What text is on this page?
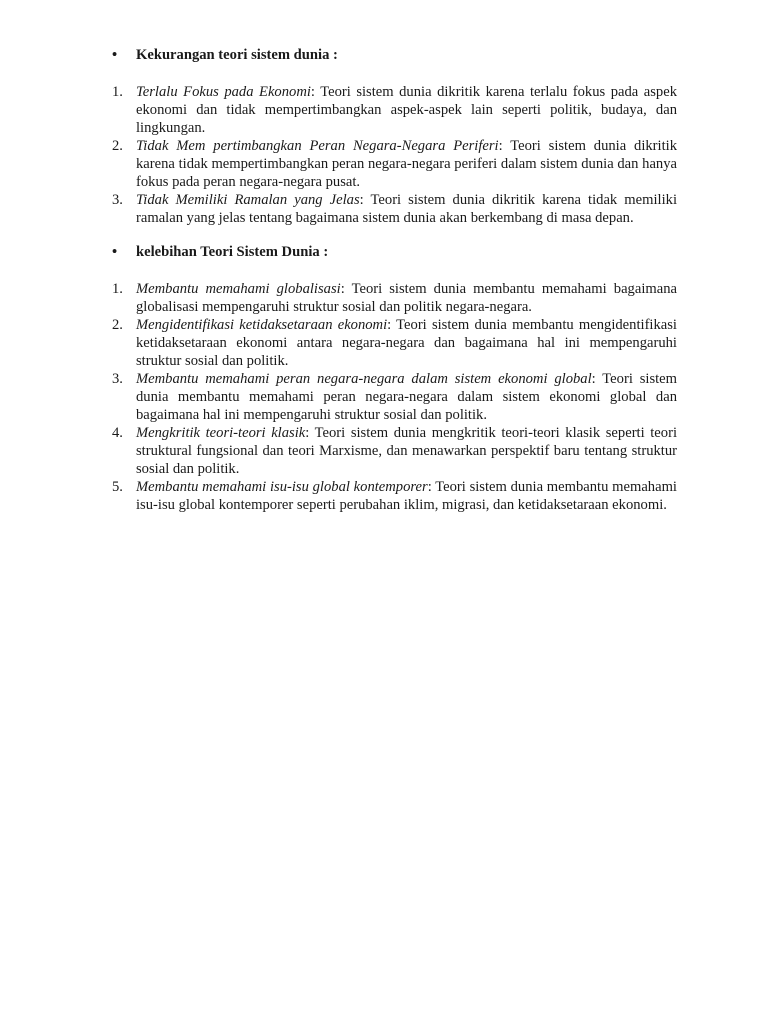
•	Kekurangan teori sistem dunia :
1. Terlalu Fokus pada Ekonomi: Teori sistem dunia dikritik karena terlalu fokus pada aspek ekonomi dan tidak mempertimbangkan aspek-aspek lain seperti politik, budaya, dan lingkungan.
2. Tidak Mem pertimbangkan Peran Negara-Negara Periferi: Teori sistem dunia dikritik karena tidak mempertimbangkan peran negara-negara periferi dalam sistem dunia dan hanya fokus pada peran negara-negara pusat.
3. Tidak Memiliki Ramalan yang Jelas: Teori sistem dunia dikritik karena tidak memiliki ramalan yang jelas tentang bagaimana sistem dunia akan berkembang di masa depan.
•	kelebihan Teori Sistem Dunia :
1. Membantu memahami globalisasi: Teori sistem dunia membantu memahami bagaimana globalisasi mempengaruhi struktur sosial dan politik negara-negara.
2. Mengidentifikasi ketidaksetaraan ekonomi: Teori sistem dunia membantu mengidentifikasi ketidaksetaraan ekonomi antara negara-negara dan bagaimana hal ini mempengaruhi struktur sosial dan politik.
3. Membantu memahami peran negara-negara dalam sistem ekonomi global: Teori sistem dunia membantu memahami peran negara-negara dalam sistem ekonomi global dan bagaimana hal ini mempengaruhi struktur sosial dan politik.
4. Mengkritik teori-teori klasik: Teori sistem dunia mengkritik teori-teori klasik seperti teori struktural fungsional dan teori Marxisme, dan menawarkan perspektif baru tentang struktur sosial dan politik.
5. Membantu memahami isu-isu global kontemporer: Teori sistem dunia membantu memahami isu-isu global kontemporer seperti perubahan iklim, migrasi, dan ketidaksetaraan ekonomi.
